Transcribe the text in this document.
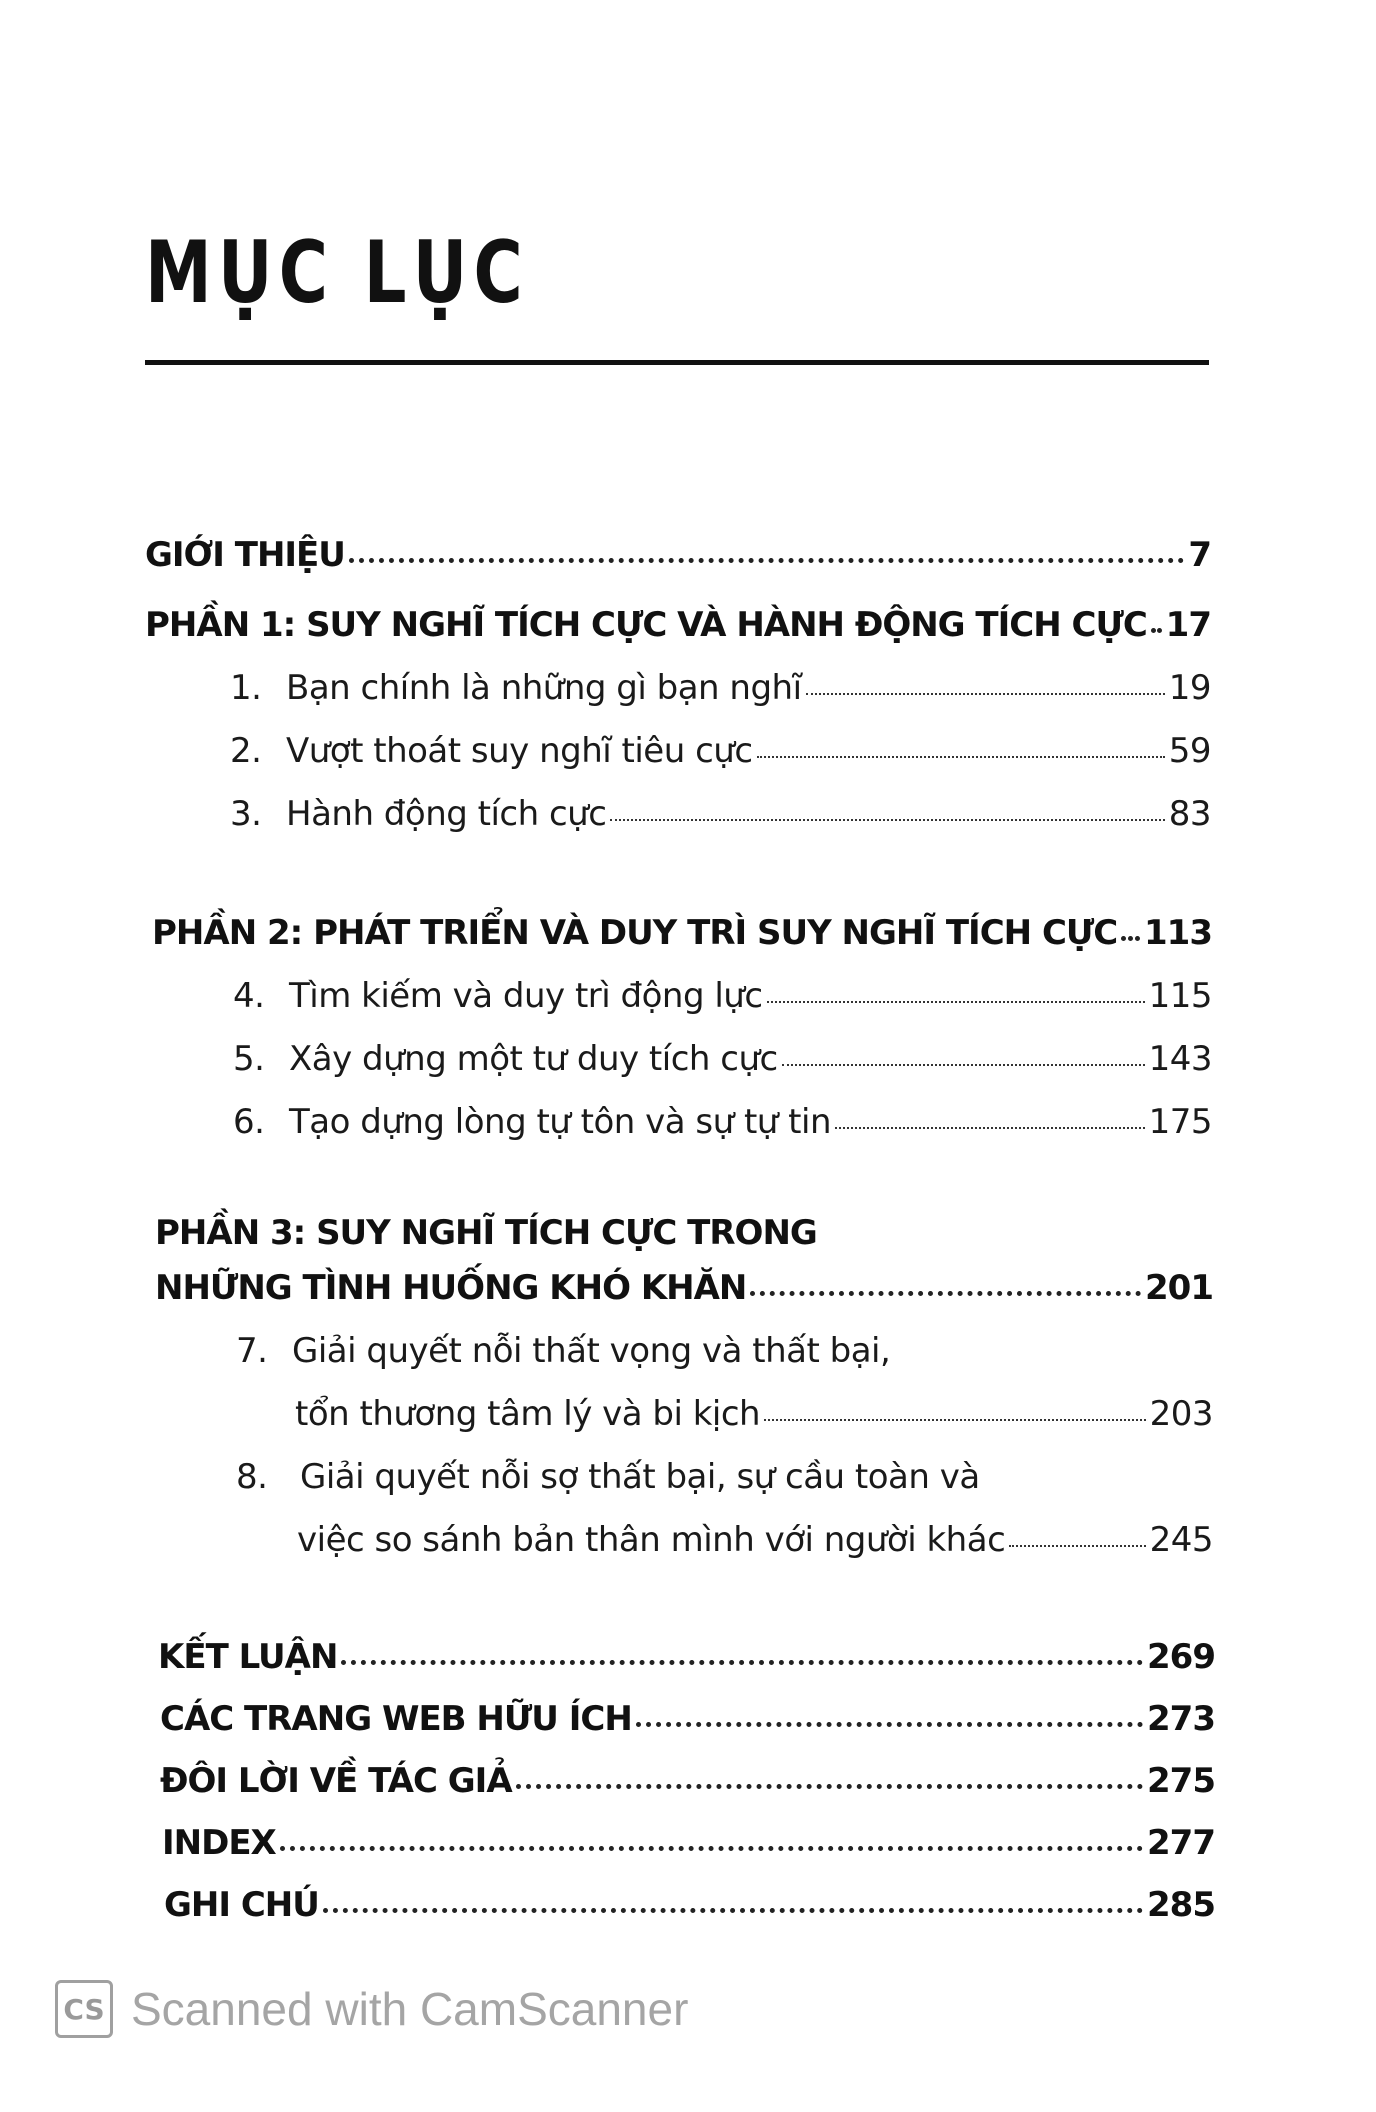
MỤC LỤC
GIỚI THIỆU	7
PHẦN 1: SUY NGHĨ TÍCH CỰC VÀ HÀNH ĐỘNG TÍCH CỰC 17
1. Bạn chính là những gì bạn nghĩ	19
2. Vượt thoát suy nghĩ tiêu cực	59
3. Hành động tích cực	83
PHẦN 2: PHÁT TRIỂN VÀ DUY TRÌ SUY NGHĨ TÍCH CỰC 113
4. Tìm kiếm và duy trì động lực	115
5. Xây dựng một tư duy tích cực	143
6. Tạo dựng lòng tự tôn và sự tự tin	175
PHẦN 3: SUY NGHĨ TÍCH CỰC TRONG
NHỮNG TÌNH HUỐNG KHÓ KHĂN	201
7. Giải quyết nỗi thất vọng và thất bại,
tổn thương tâm lý và bi kịch	203
8. Giải quyết nỗi sợ thất bại, sự cầu toàn và
việc so sánh bản thân mình với người khác	245
KẾT LUẬN	269
CÁC TRANG WEB HỮU ÍCH	273
ĐÔI LỜI VỀ TÁC GIẢ	275
INDEX	277
GHI CHÚ	285
CS Scanned with CamScanner
